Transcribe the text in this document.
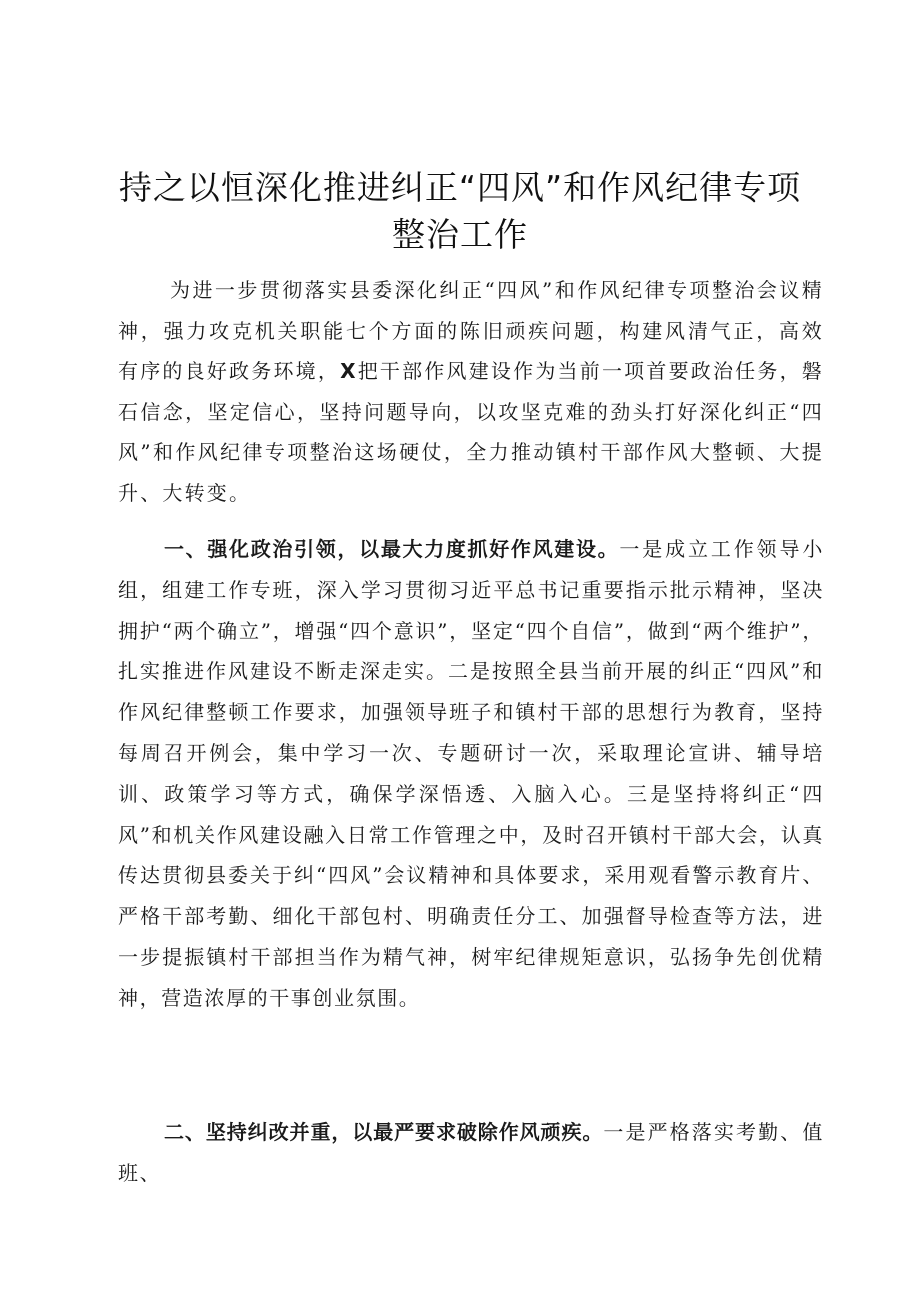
持之以恒深化推进纠正“四风”和作风纪律专项
整治工作

为进一步贯彻落实县委深化纠正“四风”和作风纪律专项整治会议精神，强力攻克机关职能七个方面的陈旧顽疾问题，构建风清气正，高效有序的良好政务环境，X把干部作风建设作为当前一项首要政治任务，磐石信念，坚定信心，坚持问题导向，以攻坚克难的劲头打好深化纠正“四风”和作风纪律专项整治这场硬仗，全力推动镇村干部作风大整顿、大提升、大转变。

一、强化政治引领，以最大力度抓好作风建设。一是成立工作领导小组，组建工作专班，深入学习贯彻习近平总书记重要指示批示精神，坚决拥护“两个确立”，增强“四个意识”，坚定“四个自信”，做到“两个维护”，扎实推进作风建设不断走深走实。二是按照全县当前开展的纠正“四风”和作风纪律整顿工作要求，加强领导班子和镇村干部的思想行为教育，坚持每周召开例会，集中学习一次、专题研讨一次，采取理论宣讲、辅导培训、政策学习等方式，确保学深悟透、入脑入心。三是坚持将纠正“四风”和机关作风建设融入日常工作管理之中，及时召开镇村干部大会，认真传达贯彻县委关于纠“四风”会议精神和具体要求，采用观看警示教育片、严格干部考勤、细化干部包村、明确责任分工、加强督导检查等方法，进一步提振镇村干部担当作为精气神，树牢纪律规矩意识，弘扬争先创优精神，营造浓厚的干事创业氛围。

二、坚持纠改并重，以最严要求破除作风顽疾。一是严格落实考勤、值班、
